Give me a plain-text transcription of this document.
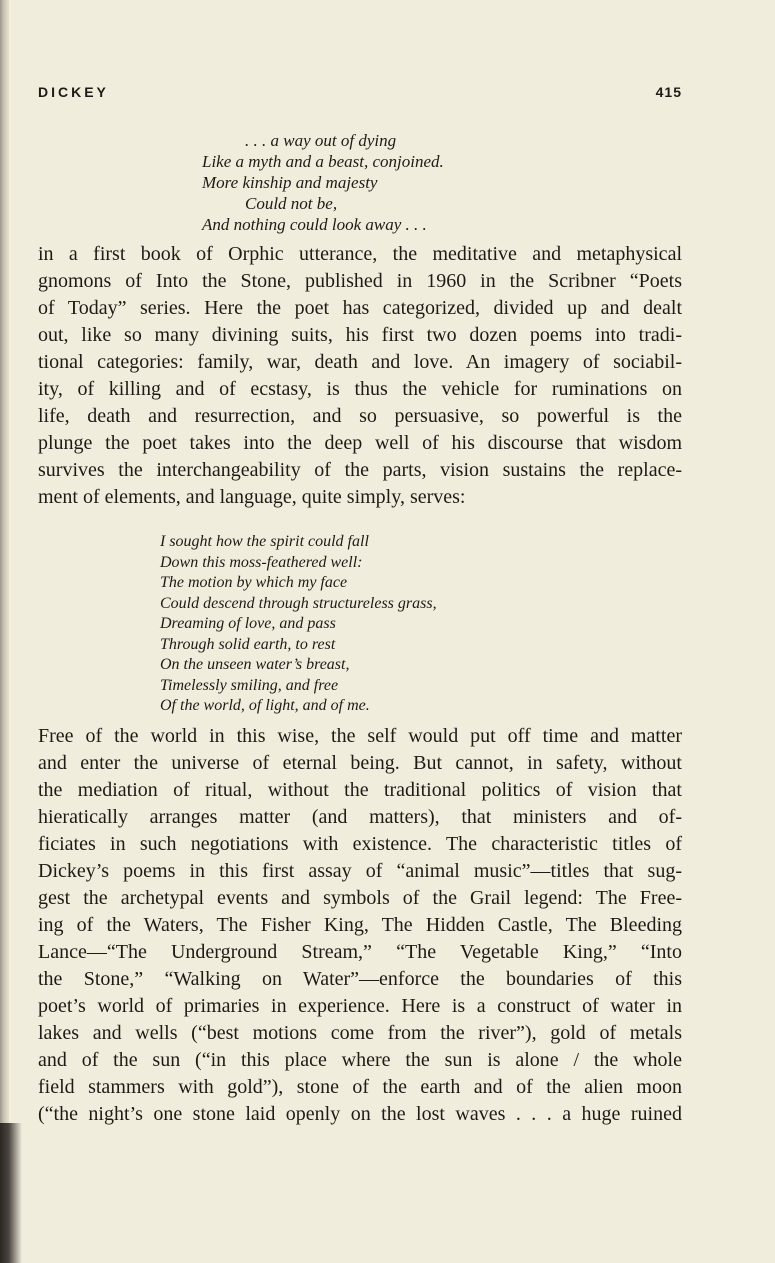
DICKEY	415
. . . a way out of dying
Like a myth and a beast, conjoined.
More kinship and majesty
Could not be,
And nothing could look away . . .
in a first book of Orphic utterance, the meditative and metaphysical
gnomons of Into the Stone, published in 1960 in the Scribner “Poets
of Today” series. Here the poet has categorized, divided up and dealt
out, like so many divining suits, his first two dozen poems into tradi-
tional categories: family, war, death and love. An imagery of sociabil-
ity, of killing and of ecstasy, is thus the vehicle for ruminations on
life, death and resurrection, and so persuasive, so powerful is the
plunge the poet takes into the deep well of his discourse that wisdom
survives the interchangeability of the parts, vision sustains the replace-
ment of elements, and language, quite simply, serves:
I sought how the spirit could fall
Down this moss-feathered well:
The motion by which my face
Could descend through structureless grass,
Dreaming of love, and pass
Through solid earth, to rest
On the unseen water’s breast,
Timelessly smiling, and free
Of the world, of light, and of me.
Free of the world in this wise, the self would put off time and matter
and enter the universe of eternal being. But cannot, in safety, without
the mediation of ritual, without the traditional politics of vision that
hieratically arranges matter (and matters), that ministers and of-
ficiates in such negotiations with existence. The characteristic titles of
Dickey’s poems in this first assay of “animal music”—titles that sug-
gest the archetypal events and symbols of the Grail legend: The Free-
ing of the Waters, The Fisher King, The Hidden Castle, The Bleeding
Lance—“The Underground Stream,” “The Vegetable King,” “Into
the Stone,” “Walking on Water”—enforce the boundaries of this
poet’s world of primaries in experience. Here is a construct of water in
lakes and wells (“best motions come from the river”), gold of metals
and of the sun (“in this place where the sun is alone / the whole
field stammers with gold”), stone of the earth and of the alien moon
(“the night’s one stone laid openly on the lost waves . . . a huge ruined
